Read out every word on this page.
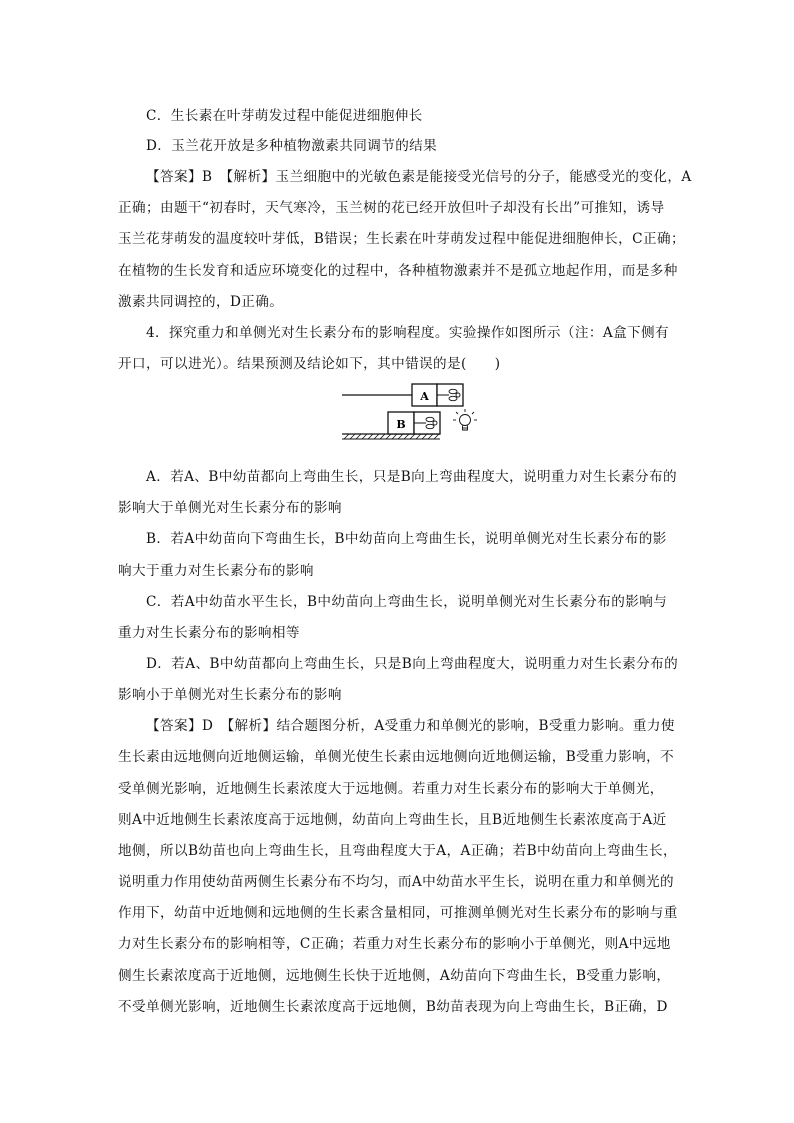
C．生长素在叶芽萌发过程中能促进细胞伸长
D．玉兰花开放是多种植物激素共同调节的结果
【答案】B　【解析】玉兰细胞中的光敏色素是能接受光信号的分子，能感受光的变化，A
正确；由题干“初春时，天气寒冷，玉兰树的花已经开放但叶子却没有长出”可推知，诱导
玉兰花芽萌发的温度较叶芽低，B错误；生长素在叶芽萌发过程中能促进细胞伸长，C正确；
在植物的生长发育和适应环境变化的过程中，各种植物激素并不是孤立地起作用，而是多种
激素共同调控的，D正确。
4．探究重力和单侧光对生长素分布的影响程度。实验操作如图所示（注：A盒下侧有
开口，可以进光）。结果预测及结论如下，其中错误的是(　　)
A
B
A．若A、B中幼苗都向上弯曲生长，只是B向上弯曲程度大，说明重力对生长素分布的
影响大于单侧光对生长素分布的影响
B．若A中幼苗向下弯曲生长，B中幼苗向上弯曲生长，说明单侧光对生长素分布的影
响大于重力对生长素分布的影响
C．若A中幼苗水平生长，B中幼苗向上弯曲生长，说明单侧光对生长素分布的影响与
重力对生长素分布的影响相等
D．若A、B中幼苗都向上弯曲生长，只是B向上弯曲程度大，说明重力对生长素分布的
影响小于单侧光对生长素分布的影响
【答案】D　【解析】结合题图分析，A受重力和单侧光的影响，B受重力影响。重力使
生长素由远地侧向近地侧运输，单侧光使生长素由远地侧向近地侧运输，B受重力影响，不
受单侧光影响，近地侧生长素浓度大于远地侧。若重力对生长素分布的影响大于单侧光，
则A中近地侧生长素浓度高于远地侧，幼苗向上弯曲生长，且B近地侧生长素浓度高于A近
地侧，所以B幼苗也向上弯曲生长，且弯曲程度大于A，A正确；若B中幼苗向上弯曲生长，
说明重力作用使幼苗两侧生长素分布不均匀，而A中幼苗水平生长，说明在重力和单侧光的
作用下，幼苗中近地侧和远地侧的生长素含量相同，可推测单侧光对生长素分布的影响与重
力对生长素分布的影响相等，C正确；若重力对生长素分布的影响小于单侧光，则A中远地
侧生长素浓度高于近地侧，远地侧生长快于近地侧，A幼苗向下弯曲生长，B受重力影响，
不受单侧光影响，近地侧生长素浓度高于远地侧，B幼苗表现为向上弯曲生长，B正确，D
